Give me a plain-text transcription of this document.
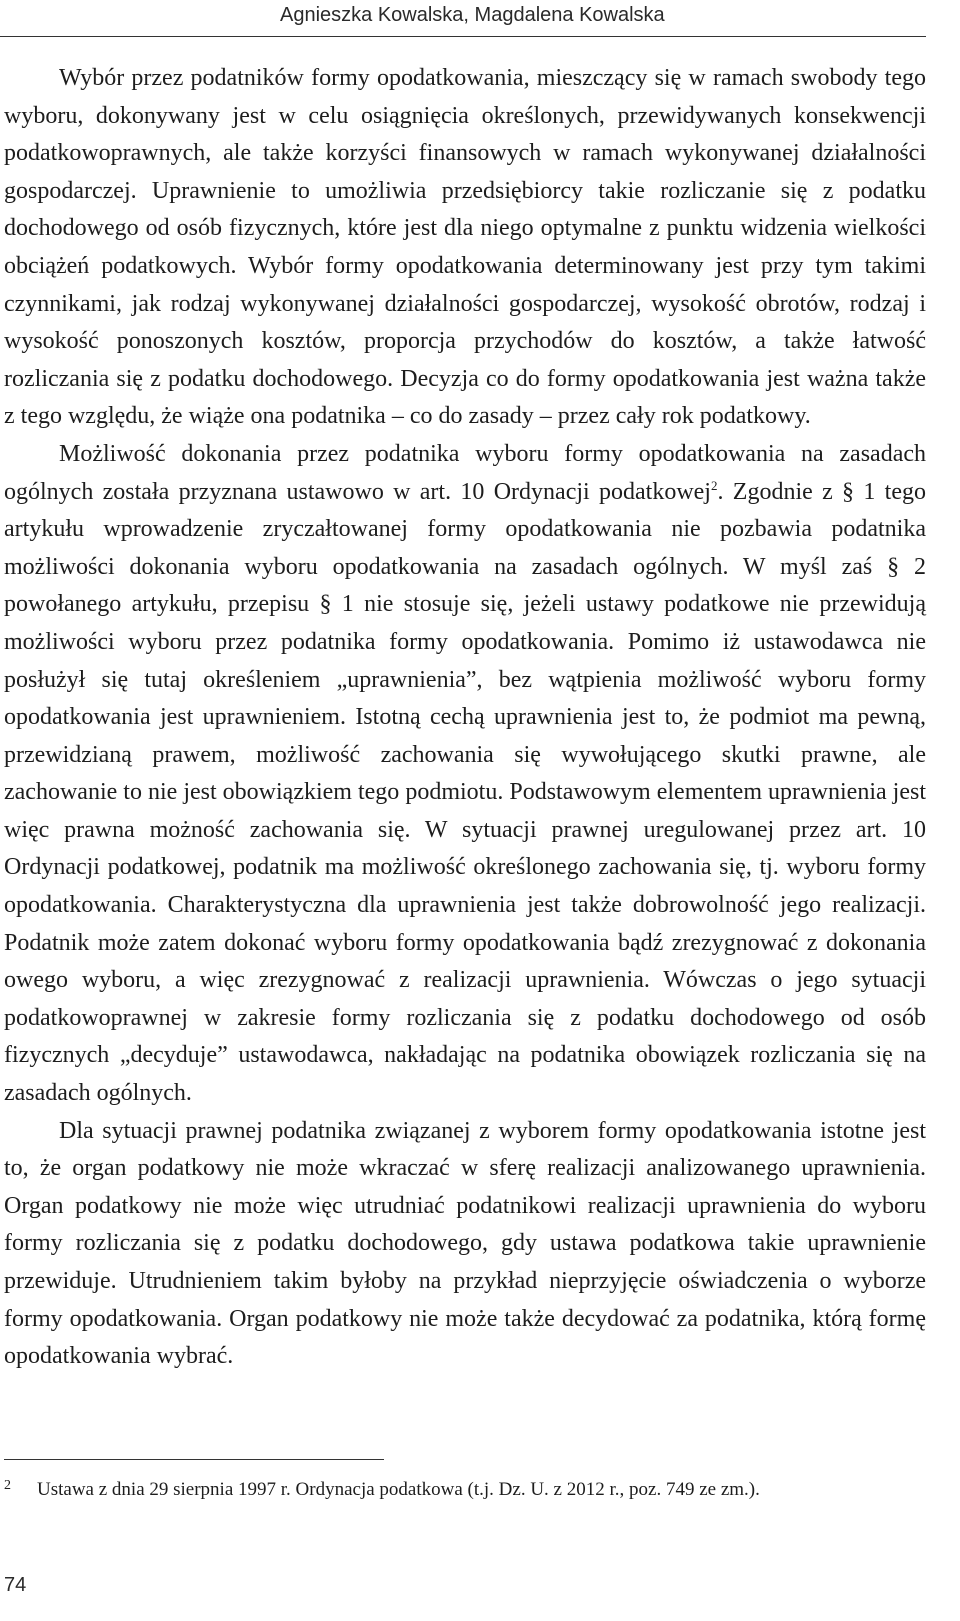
Agnieszka Kowalska, Magdalena Kowalska

Wybór przez podatników formy opodatkowania, mieszczący się w ramach swobody tego wyboru, dokonywany jest w celu osiągnięcia określonych, przewidywanych konsekwencji podatkowoprawnych, ale także korzyści finansowych w ramach wykonywanej działalności gospodarczej. Uprawnienie to umożliwia przedsiębiorcy takie rozliczanie się z podatku dochodowego od osób fizycznych, które jest dla niego optymalne z punktu widzenia wielkości obciążeń podatkowych. Wybór formy opodatkowania determinowany jest przy tym takimi czynnikami, jak rodzaj wykonywanej działalności gospodarczej, wysokość obrotów, rodzaj i wysokość ponoszonych kosztów, proporcja przychodów do kosztów, a także łatwość rozliczania się z podatku dochodowego. Decyzja co do formy opodatkowania jest ważna także z tego względu, że wiąże ona podatnika – co do zasady – przez cały rok podatkowy.

Możliwość dokonania przez podatnika wyboru formy opodatkowania na zasadach ogólnych została przyznana ustawowo w art. 10 Ordynacji podatkowej$^2$. Zgodnie z § 1 tego artykułu wprowadzenie zryczałtowanej formy opodatkowania nie pozbawia podatnika możliwości dokonania wyboru opodatkowania na zasadach ogólnych. W myśl zaś § 2 powołanego artykułu, przepisu § 1 nie stosuje się, jeżeli ustawy podatkowe nie przewidują możliwości wyboru przez podatnika formy opodatkowania. Pomimo iż ustawodawca nie posłużył się tutaj określeniem „uprawnienia”, bez wątpienia możliwość wyboru formy opodatkowania jest uprawnieniem. Istotną cechą uprawnienia jest to, że podmiot ma pewną, przewidzianą prawem, możliwość zachowania się wywołującego skutki prawne, ale zachowanie to nie jest obowiązkiem tego podmiotu. Podstawowym elementem uprawnienia jest więc prawna możność zachowania się. W sytuacji prawnej uregulowanej przez art. 10 Ordynacji podatkowej, podatnik ma możliwość określonego zachowania się, tj. wyboru formy opodatkowania. Charakterystyczna dla uprawnienia jest także dobrowolność jego realizacji. Podatnik może zatem dokonać wyboru formy opodatkowania bądź zrezygnować z dokonania owego wyboru, a więc zrezygnować z realizacji uprawnienia. Wówczas o jego sytuacji podatkowoprawnej w zakresie formy rozliczania się z podatku dochodowego od osób fizycznych „decyduje” ustawodawca, nakładając na podatnika obowiązek rozliczania się na zasadach ogólnych.

Dla sytuacji prawnej podatnika związanej z wyborem formy opodatkowania istotne jest to, że organ podatkowy nie może wkraczać w sferę realizacji analizowanego uprawnienia. Organ podatkowy nie może więc utrudniać podatnikowi realizacji uprawnienia do wyboru formy rozliczania się z podatku dochodowego, gdy ustawa podatkowa takie uprawnienie przewiduje. Utrudnieniem takim byłoby na przykład nieprzyjęcie oświadczenia o wyborze formy opodatkowania. Organ podatkowy nie może także decydować za podatnika, którą formę opodatkowania wybrać.

2 Ustawa z dnia 29 sierpnia 1997 r. Ordynacja podatkowa (t.j. Dz. U. z 2012 r., poz. 749 ze zm.).
74
